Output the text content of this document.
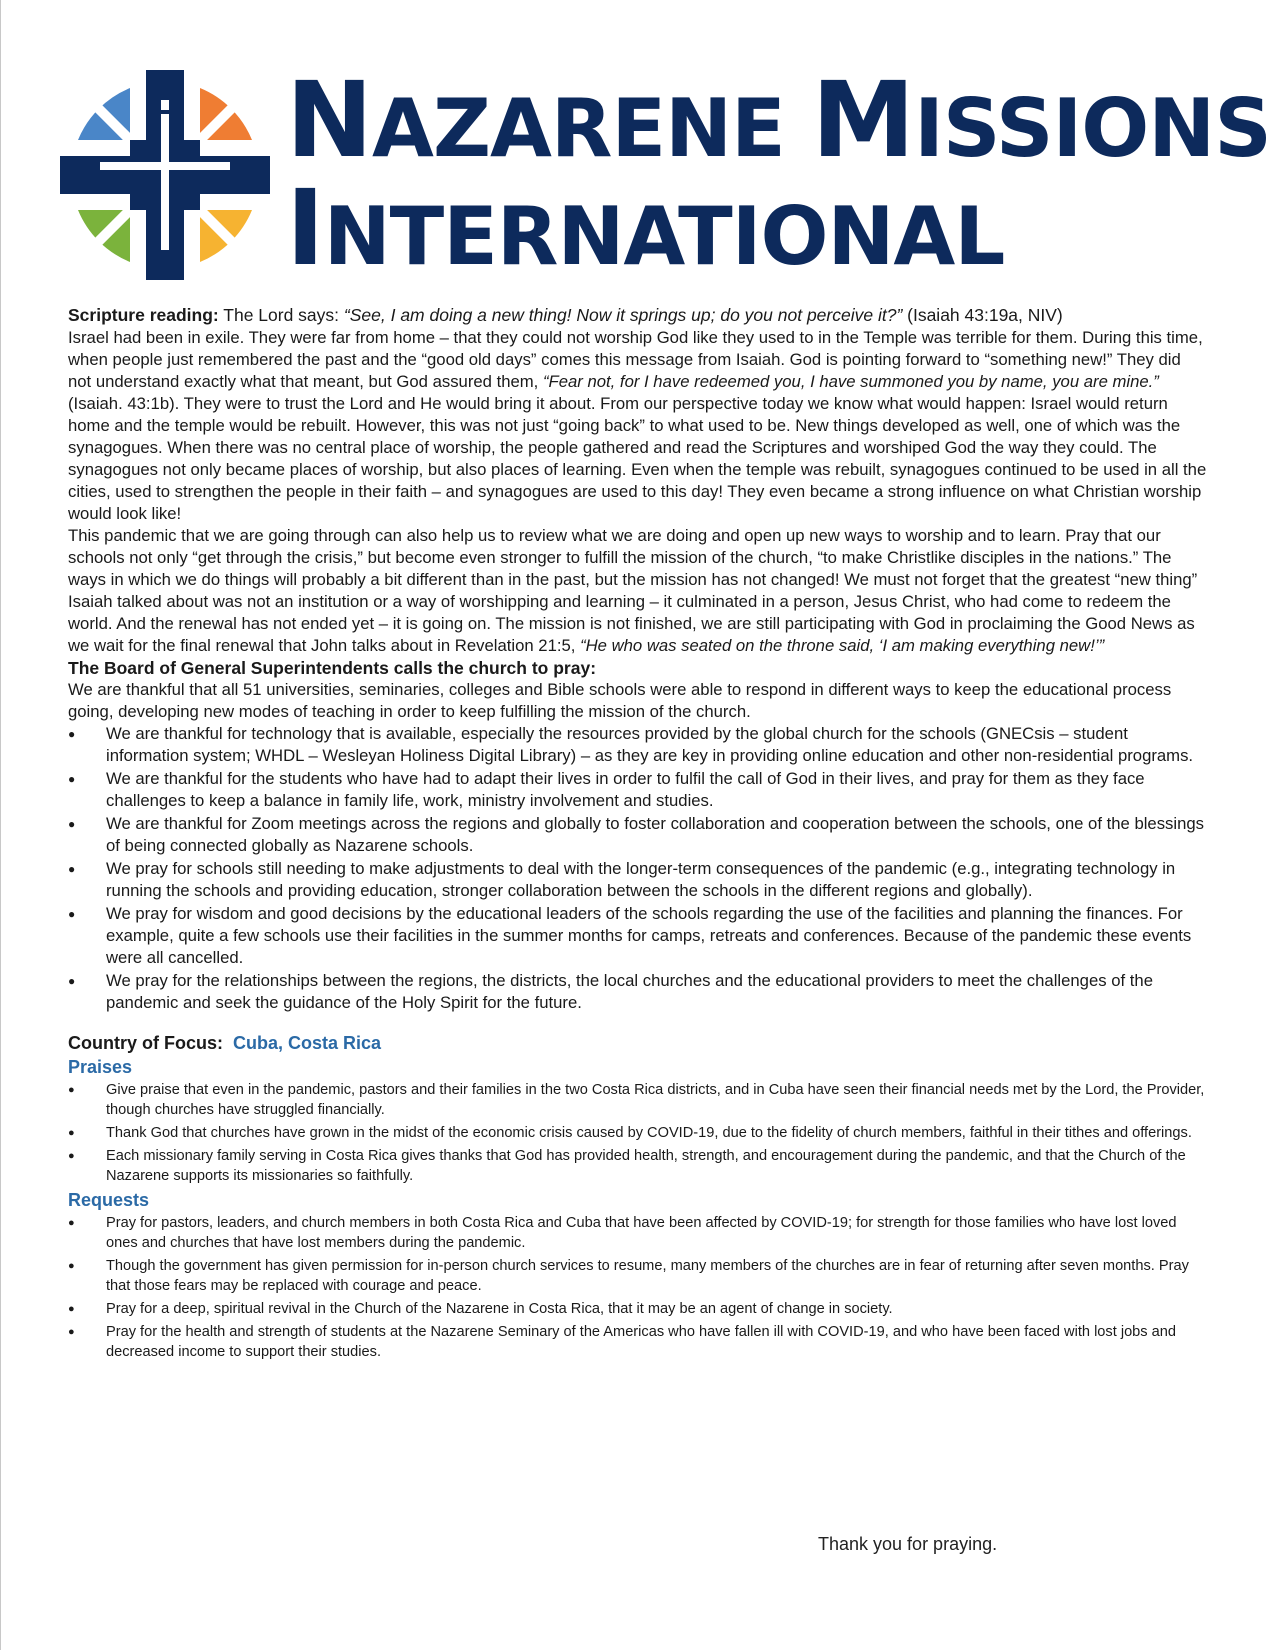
NAZARENE MISSIONS
INTERNATIONAL

Scripture reading: The Lord says: “See, I am doing a new thing! Now it springs up; do you not perceive it?” (Isaiah 43:19a, NIV)

Israel had been in exile. They were far from home – that they could not worship God like they used to in the Temple was terrible for them. During this time, when people just remembered the past and the “good old days” comes this message from Isaiah. God is pointing forward to “something new!” They did not understand exactly what that meant, but God assured them, “Fear not, for I have redeemed you, I have summoned you by name, you are mine.” (Isaiah. 43:1b). They were to trust the Lord and He would bring it about. From our perspective today we know what would happen: Israel would return home and the temple would be rebuilt. However, this was not just “going back” to what used to be. New things developed as well, one of which was the synagogues. When there was no central place of worship, the people gathered and read the Scriptures and worshiped God the way they could. The synagogues not only became places of worship, but also places of learning. Even when the temple was rebuilt, synagogues continued to be used in all the cities, used to strengthen the people in their faith – and synagogues are used to this day! They even became a strong influence on what Christian worship would look like!

This pandemic that we are going through can also help us to review what we are doing and open up new ways to worship and to learn. Pray that our schools not only “get through the crisis,” but become even stronger to fulfill the mission of the church, “to make Christlike disciples in the nations.” The ways in which we do things will probably a bit different than in the past, but the mission has not changed! We must not forget that the greatest “new thing” Isaiah talked about was not an institution or a way of worshipping and learning – it culminated in a person, Jesus Christ, who had come to redeem the world. And the renewal has not ended yet – it is going on. The mission is not finished, we are still participating with God in proclaiming the Good News as we wait for the final renewal that John talks about in Revelation 21:5, “He who was seated on the throne said, ‘I am making everything new!’”

The Board of General Superintendents calls the church to pray:

We are thankful that all 51 universities, seminaries, colleges and Bible schools were able to respond in different ways to keep the educational process going, developing new modes of teaching in order to keep fulfilling the mission of the church.

● We are thankful for technology that is available, especially the resources provided by the global church for the schools (GNECsis – student information system; WHDL – Wesleyan Holiness Digital Library) – as they are key in providing online education and other non-residential programs.
● We are thankful for the students who have had to adapt their lives in order to fulfil the call of God in their lives, and pray for them as they face challenges to keep a balance in family life, work, ministry involvement and studies.
● We are thankful for Zoom meetings across the regions and globally to foster collaboration and cooperation between the schools, one of the blessings of being connected globally as Nazarene schools.
● We pray for schools still needing to make adjustments to deal with the longer-term consequences of the pandemic (e.g., integrating technology in running the schools and providing education, stronger collaboration between the schools in the different regions and globally).
● We pray for wisdom and good decisions by the educational leaders of the schools regarding the use of the facilities and planning the finances. For example, quite a few schools use their facilities in the summer months for camps, retreats and conferences. Because of the pandemic these events were all cancelled.
● We pray for the relationships between the regions, the districts, the local churches and the educational providers to meet the challenges of the pandemic and seek the guidance of the Holy Spirit for the future.
Country of Focus: Cuba, Costa Rica
Praises
● Give praise that even in the pandemic, pastors and their families in the two Costa Rica districts, and in Cuba have seen their financial needs met by the Lord, the Provider, though churches have struggled financially.
● Thank God that churches have grown in the midst of the economic crisis caused by COVID-19, due to the fidelity of church members, faithful in their tithes and offerings.
● Each missionary family serving in Costa Rica gives thanks that God has provided health, strength, and encouragement during the pandemic, and that the Church of the Nazarene supports its missionaries so faithfully.
Requests
● Pray for pastors, leaders, and church members in both Costa Rica and Cuba that have been affected by COVID-19; for strength for those families who have lost loved ones and churches that have lost members during the pandemic.
● Though the government has given permission for in-person church services to resume, many members of the churches are in fear of returning after seven months. Pray that those fears may be replaced with courage and peace.
● Pray for a deep, spiritual revival in the Church of the Nazarene in Costa Rica, that it may be an agent of change in society.
● Pray for the health and strength of students at the Nazarene Seminary of the Americas who have fallen ill with COVID-19, and who have been faced with lost jobs and decreased income to support their studies.
Thank you for praying.
